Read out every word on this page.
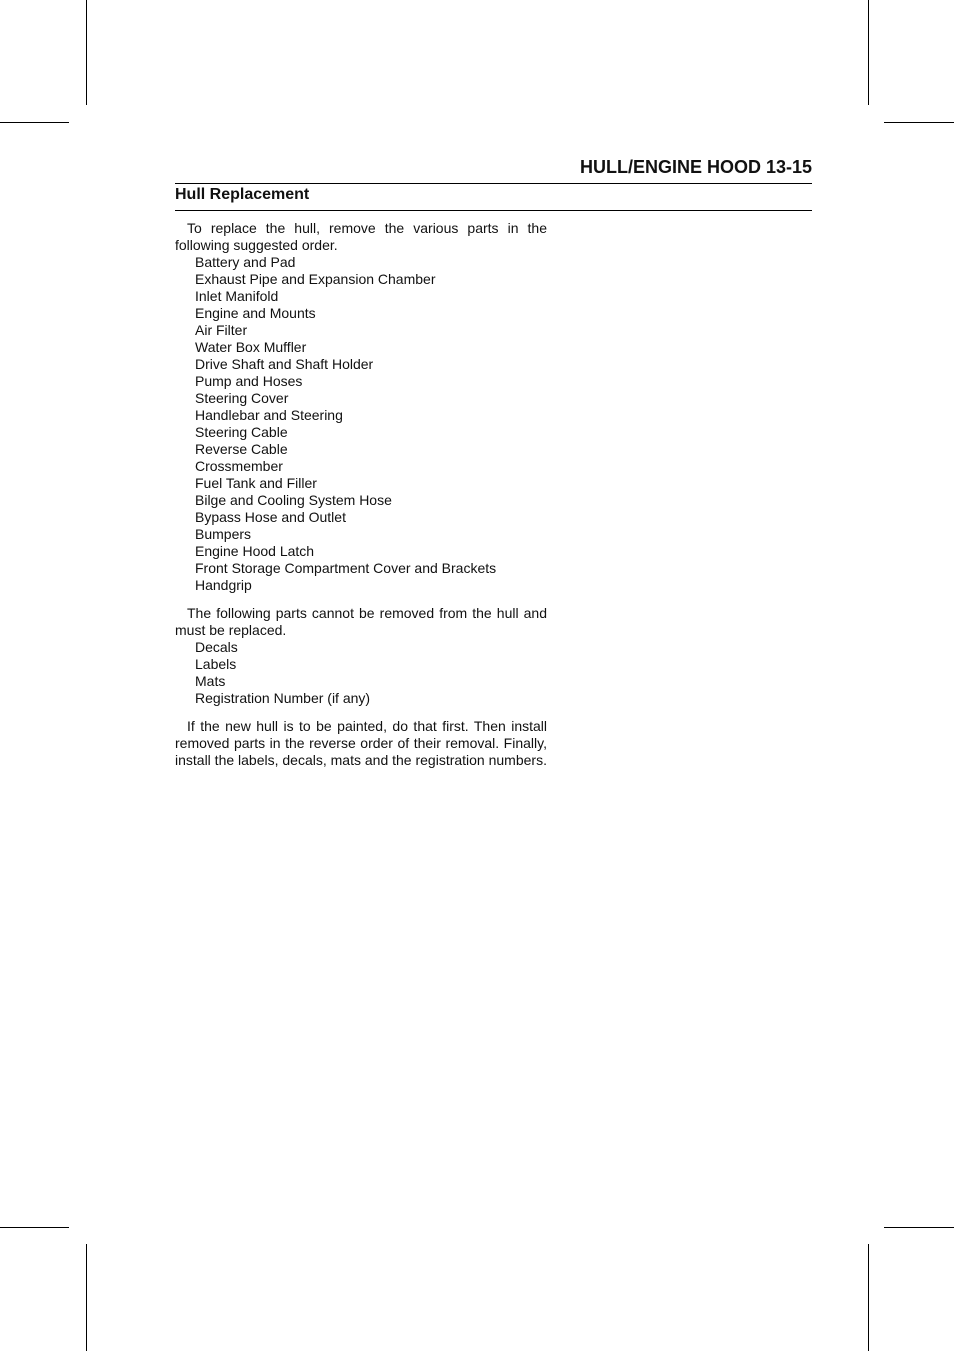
HULL/ENGINE HOOD 13-15
Hull Replacement

To replace the hull, remove the various parts in the following suggested order.

Battery and Pad
Exhaust Pipe and Expansion Chamber
Inlet Manifold
Engine and Mounts
Air Filter
Water Box Muffler
Drive Shaft and Shaft Holder
Pump and Hoses
Steering Cover
Handlebar and Steering
Steering Cable
Reverse Cable
Crossmember
Fuel Tank and Filler
Bilge and Cooling System Hose
Bypass Hose and Outlet
Bumpers
Engine Hood Latch
Front Storage Compartment Cover and Brackets
Handgrip

The following parts cannot be removed from the hull and must be replaced.

Decals
Labels
Mats
Registration Number (if any)

If the new hull is to be painted, do that first. Then install removed parts in the reverse order of their removal. Finally, install the labels, decals, mats and the registration numbers.
